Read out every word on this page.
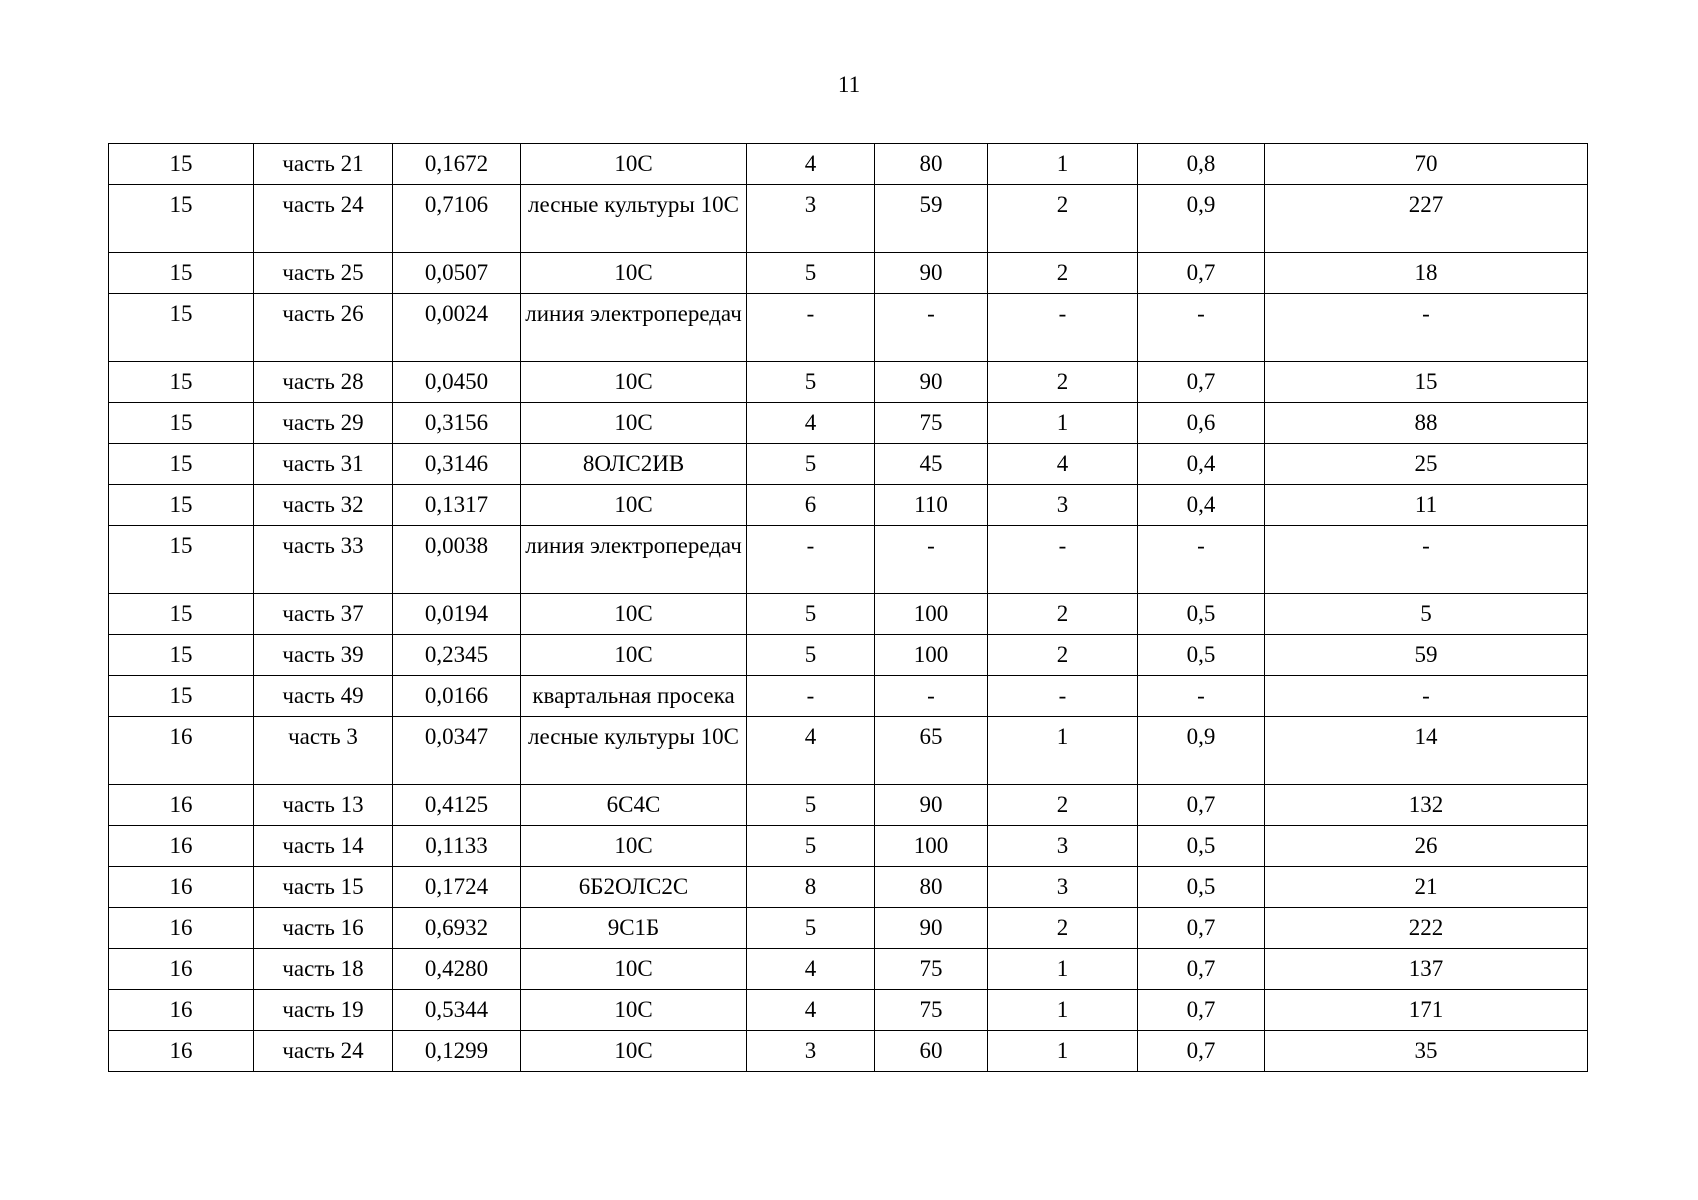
11
15	часть 21	0,1672	10С	4	80	1	0,8	70
15	часть 24	0,7106	лесные культуры 10С	3	59	2	0,9	227
15	часть 25	0,0507	10С	5	90	2	0,7	18
15	часть 26	0,0024	линия электропередач	-	-	-	-	-
15	часть 28	0,0450	10С	5	90	2	0,7	15
15	часть 29	0,3156	10С	4	75	1	0,6	88
15	часть 31	0,3146	8ОЛС2ИВ	5	45	4	0,4	25
15	часть 32	0,1317	10С	6	110	3	0,4	11
15	часть 33	0,0038	линия электропередач	-	-	-	-	-
15	часть 37	0,0194	10С	5	100	2	0,5	5
15	часть 39	0,2345	10С	5	100	2	0,5	59
15	часть 49	0,0166	квартальная просека	-	-	-	-	-
16	часть 3	0,0347	лесные культуры 10С	4	65	1	0,9	14
16	часть 13	0,4125	6С4С	5	90	2	0,7	132
16	часть 14	0,1133	10С	5	100	3	0,5	26
16	часть 15	0,1724	6Б2ОЛС2С	8	80	3	0,5	21
16	часть 16	0,6932	9С1Б	5	90	2	0,7	222
16	часть 18	0,4280	10С	4	75	1	0,7	137
16	часть 19	0,5344	10С	4	75	1	0,7	171
16	часть 24	0,1299	10С	3	60	1	0,7	35
